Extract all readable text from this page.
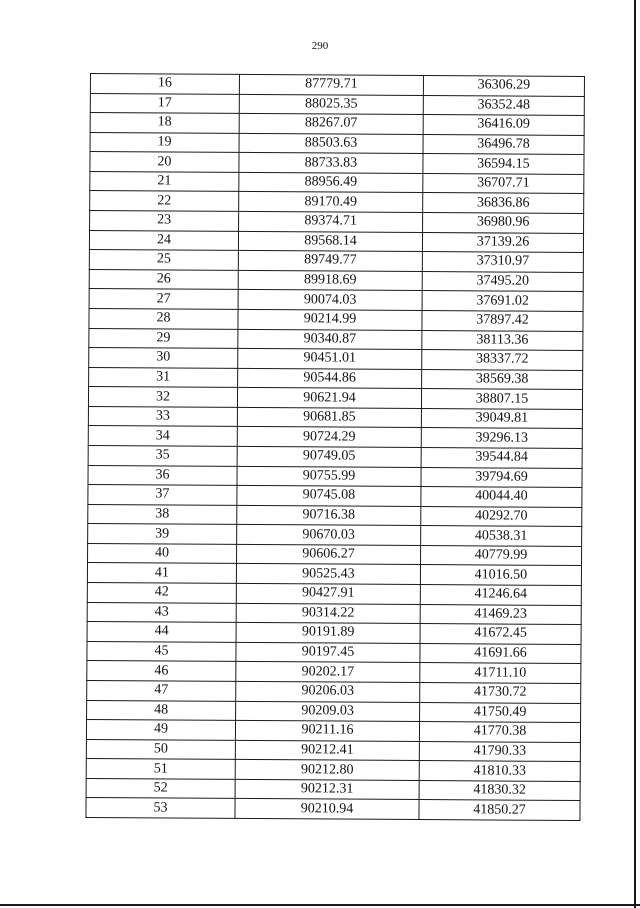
290
16	87779.71	36306.29
17	88025.35	36352.48
18	88267.07	36416.09
19	88503.63	36496.78
20	88733.83	36594.15
21	88956.49	36707.71
22	89170.49	36836.86
23	89374.71	36980.96
24	89568.14	37139.26
25	89749.77	37310.97
26	89918.69	37495.20
27	90074.03	37691.02
28	90214.99	37897.42
29	90340.87	38113.36
30	90451.01	38337.72
31	90544.86	38569.38
32	90621.94	38807.15
33	90681.85	39049.81
34	90724.29	39296.13
35	90749.05	39544.84
36	90755.99	39794.69
37	90745.08	40044.40
38	90716.38	40292.70
39	90670.03	40538.31
40	90606.27	40779.99
41	90525.43	41016.50
42	90427.91	41246.64
43	90314.22	41469.23
44	90191.89	41672.45
45	90197.45	41691.66
46	90202.17	41711.10
47	90206.03	41730.72
48	90209.03	41750.49
49	90211.16	41770.38
50	90212.41	41790.33
51	90212.80	41810.33
52	90212.31	41830.32
53	90210.94	41850.27
